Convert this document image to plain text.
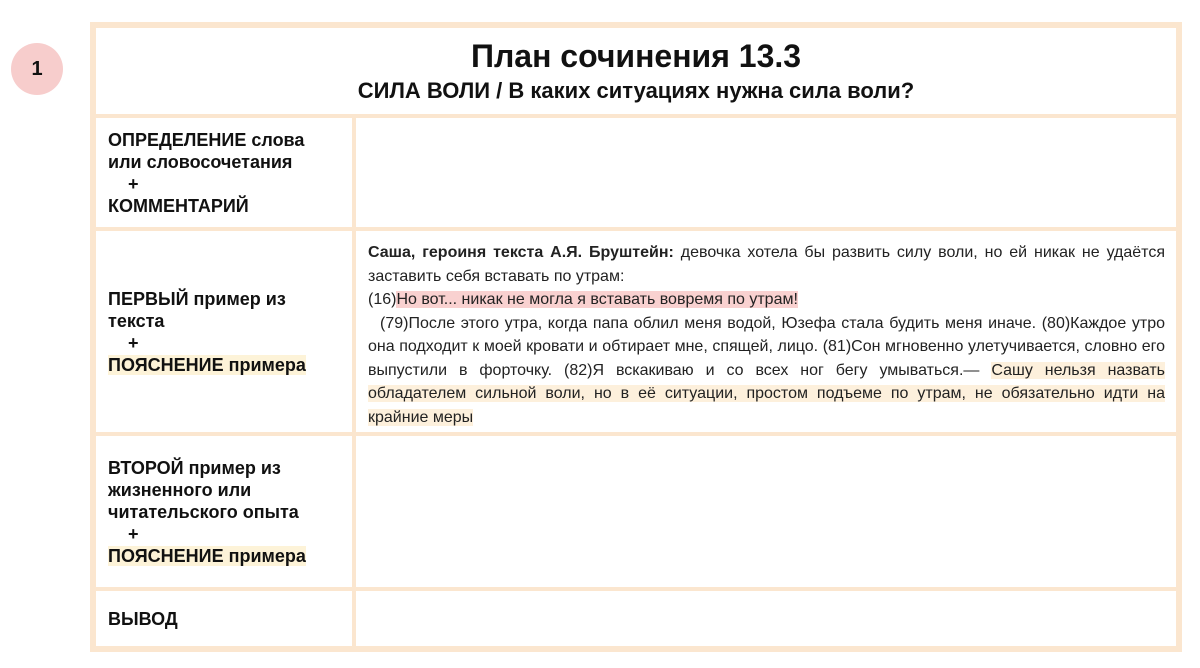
1	План сочинения 13.3
СИЛА ВОЛИ / В каких ситуациях нужна сила воли?
ОПРЕДЕЛЕНИЕ слова
или словосочетания
+
КОММЕНТАРИЙ
ПЕРВЫЙ пример из
текста
+
ПОЯСНЕНИЕ примера

Саша, героиня текста А.Я. Бруштейн: девочка хотела бы развить силу воли, но ей никак не удаётся заставить себя вставать по утрам:

(16)Но вот... никак не могла я вставать вовремя по утрам!

(79)После этого утра, когда папа облил меня водой, Юзефа стала будить меня иначе. (80)Каждое утро она подходит к моей кровати и обтирает мне, спящей, лицо. (81)Сон мгновенно улетучивается, словно его выпустили в форточку. (82)Я вскакиваю и со всех ног бегу умываться.— Сашу нельзя назвать обладателем сильной воли, но в её ситуации, простом подъеме по утрам, не обязательно идти на крайние меры

ВТОРОЙ пример из
жизненного или
читательского опыта
+
ПОЯСНЕНИЕ примера
ВЫВОД
